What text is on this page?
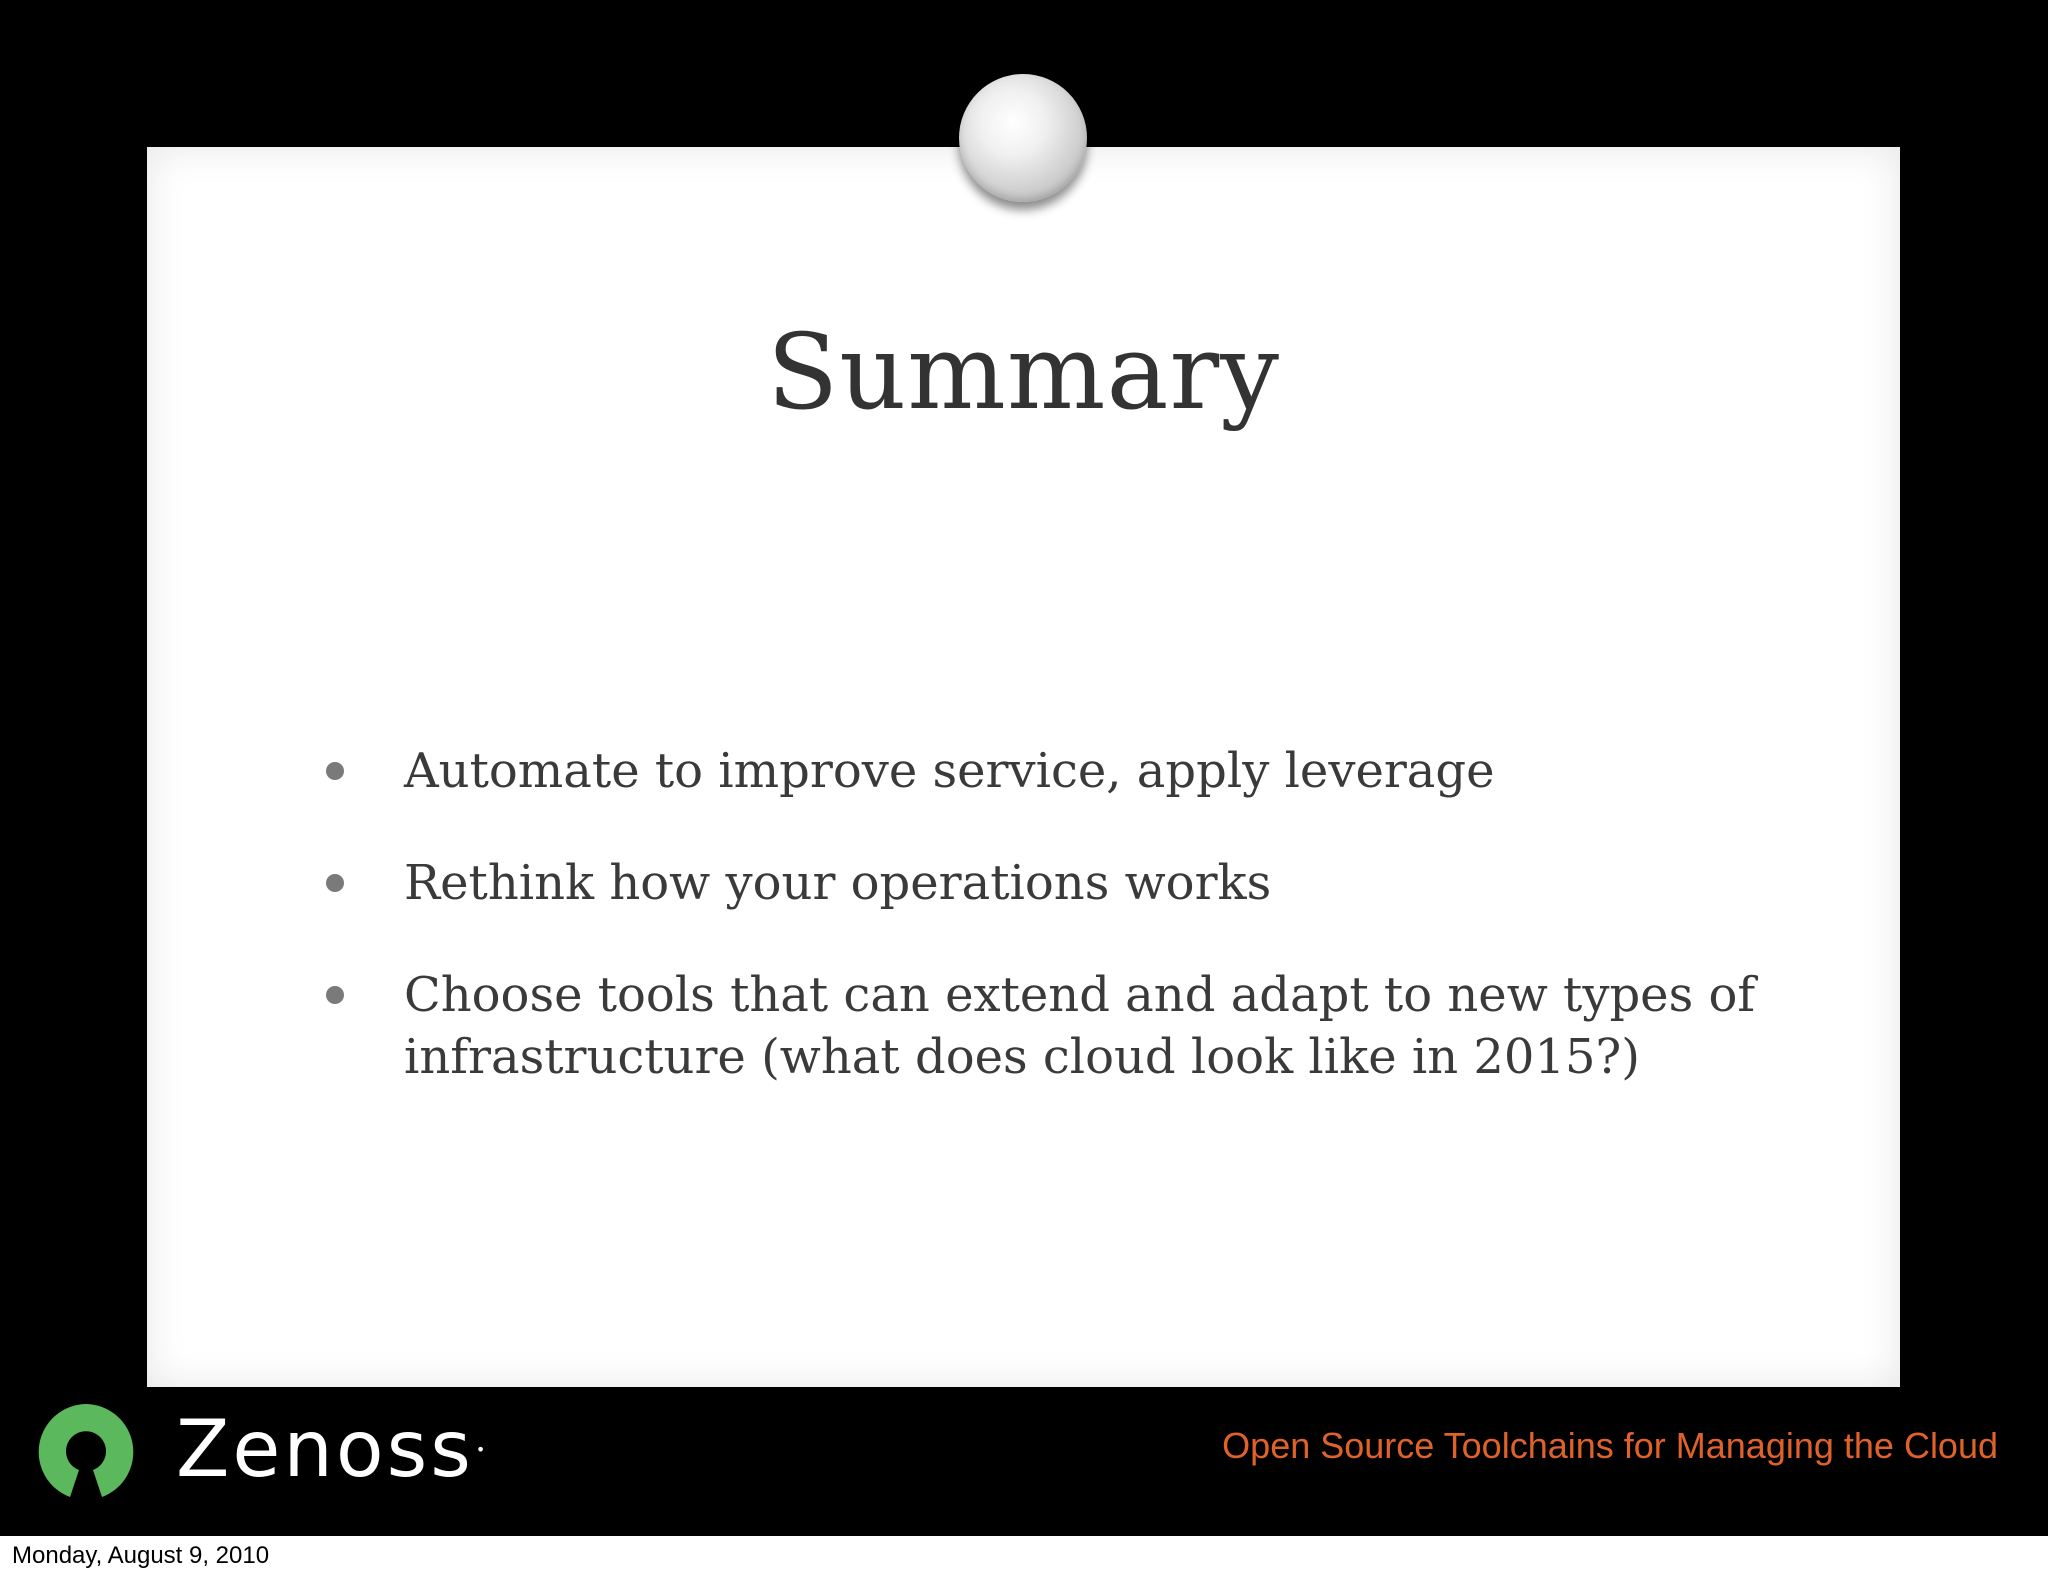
Summary
Automate to improve service, apply leverage
Rethink how your operations works
Choose tools that can extend and adapt to new types of infrastructure (what does cloud look like in 2015?)
Zenoss •	Open Source Toolchains for Managing the Cloud
Monday, August 9, 2010
